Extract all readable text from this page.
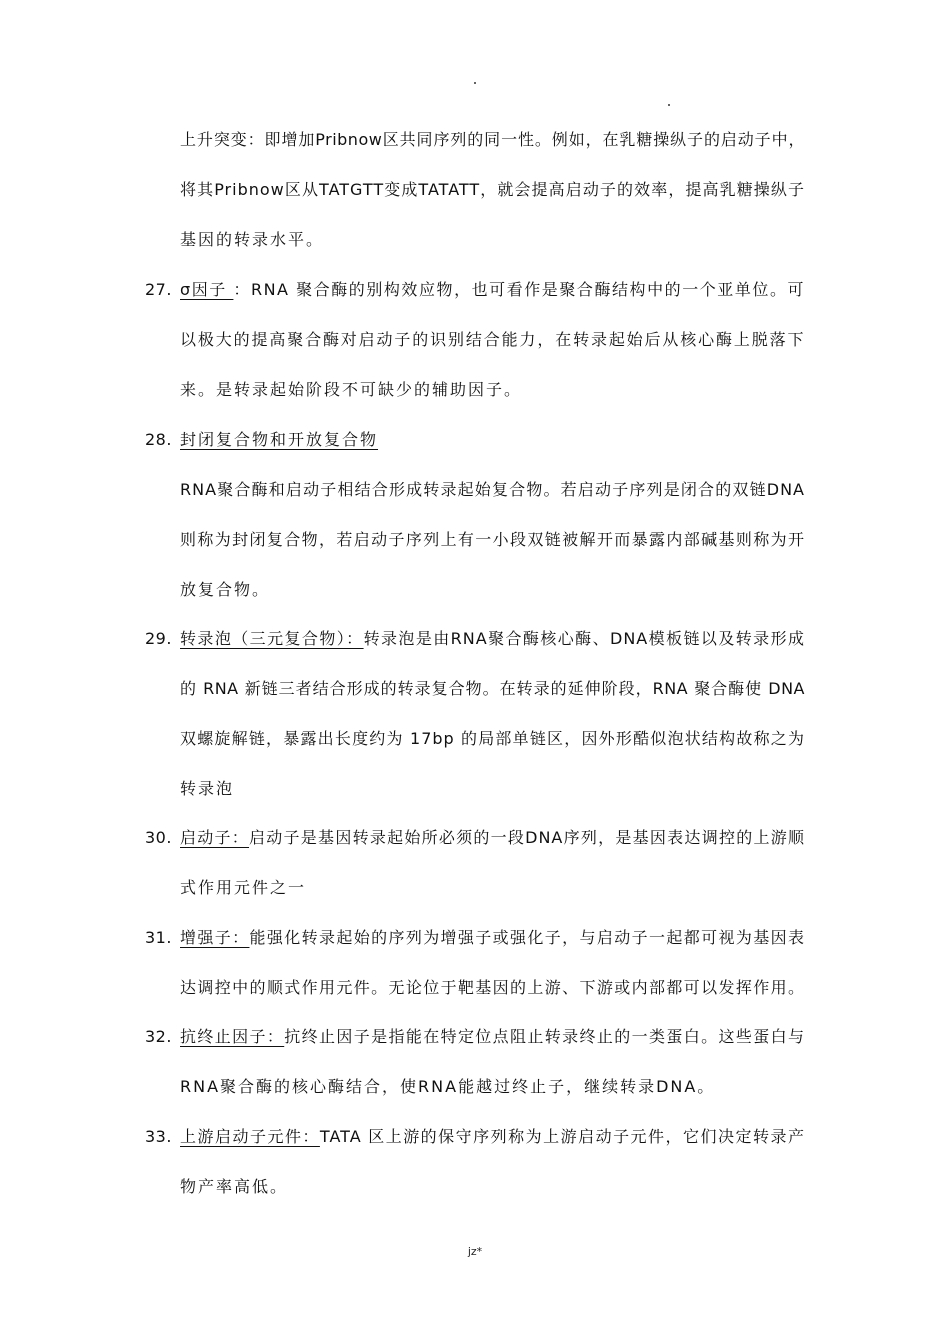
上升突变：即增加Pribnow区共同序列的同一性。例如，在乳糖操纵子的启动子中，
将其Pribnow区从TATGTT变成TATATT，就会提高启动子的效率，提高乳糖操纵子
基因的转录水平。
27. σ因子 ：RNA 聚合酶的别构效应物，也可看作是聚合酶结构中的一个亚单位。可
以极大的提高聚合酶对启动子的识别结合能力，在转录起始后从核心酶上脱落下
来。是转录起始阶段不可缺少的辅助因子。
28. 封闭复合物和开放复合物
RNA聚合酶和启动子相结合形成转录起始复合物。若启动子序列是闭合的双链DNA
则称为封闭复合物，若启动子序列上有一小段双链被解开而暴露内部碱基则称为开
放复合物。
29. 转录泡（三元复合物）：转录泡是由RNA聚合酶核心酶、DNA模板链以及转录形成
的 RNA 新链三者结合形成的转录复合物。在转录的延伸阶段，RNA 聚合酶使 DNA
双螺旋解链，暴露出长度约为 17bp 的局部单链区，因外形酷似泡状结构故称之为
转录泡
30. 启动子：启动子是基因转录起始所必须的一段DNA序列，是基因表达调控的上游顺
式作用元件之一
31. 增强子：能强化转录起始的序列为增强子或强化子，与启动子一起都可视为基因表
达调控中的顺式作用元件。无论位于靶基因的上游、下游或内部都可以发挥作用。
32. 抗终止因子：抗终止因子是指能在特定位点阻止转录终止的一类蛋白。这些蛋白与
RNA聚合酶的核心酶结合，使RNA能越过终止子，继续转录DNA。
33. 上游启动子元件：TATA 区上游的保守序列称为上游启动子元件，它们决定转录产
物产率高低。
jz*
